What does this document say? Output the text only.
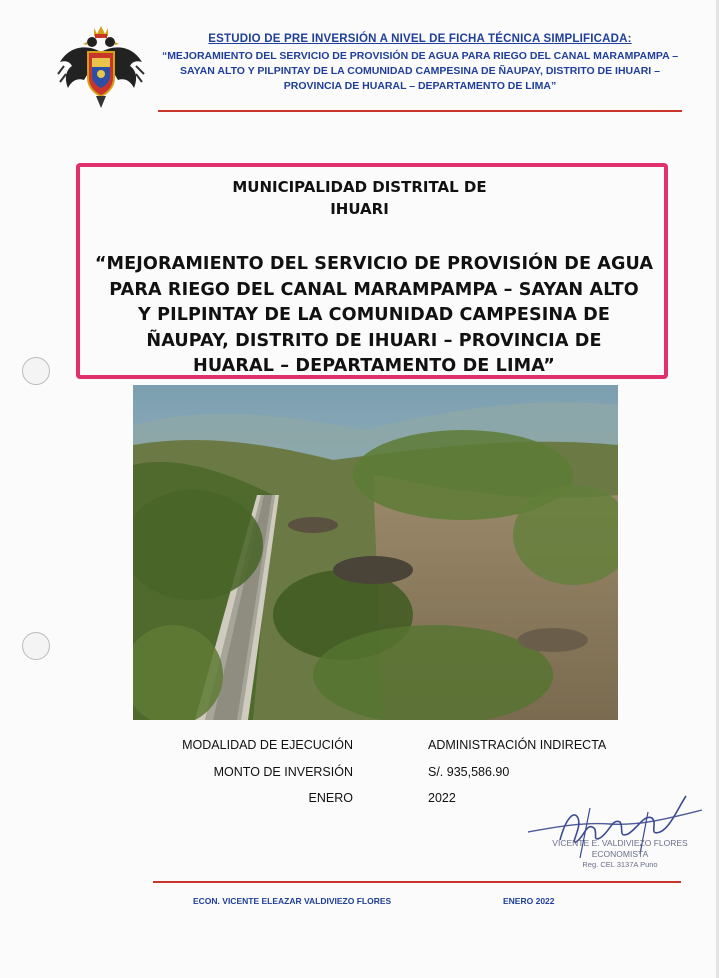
ESTUDIO DE PRE INVERSIÓN A NIVEL DE FICHA TÉCNICA SIMPLIFICADA:
“MEJORAMIENTO DEL SERVICIO DE PROVISIÓN DE AGUA PARA RIEGO DEL CANAL MARAMPAMPA –
SAYAN ALTO Y PILPINTAY DE LA COMUNIDAD CAMPESINA DE ÑAUPAY, DISTRITO DE IHUARI –
PROVINCIA DE HUARAL – DEPARTAMENTO DE LIMA”
MUNICIPALIDAD DISTRITAL DE
IHUARI
“MEJORAMIENTO DEL SERVICIO DE PROVISIÓN DE AGUA
PARA RIEGO DEL CANAL MARAMPAMPA – SAYAN ALTO
Y PILPINTAY DE LA COMUNIDAD CAMPESINA DE
ÑAUPAY, DISTRITO DE IHUARI – PROVINCIA DE
HUARAL – DEPARTAMENTO DE LIMA”
MODALIDAD DE EJECUCIÓN	ADMINISTRACIÓN INDIRECTA
MONTO DE INVERSIÓN	S/. 935,586.90
ENERO	2022
VICENTE E. VALDIVIEZO FLORES
ECONOMISTA
Reg. CEL 3137A Puno
ECON. VICENTE ELEAZAR VALDIVIEZO FLORES	ENERO 2022
